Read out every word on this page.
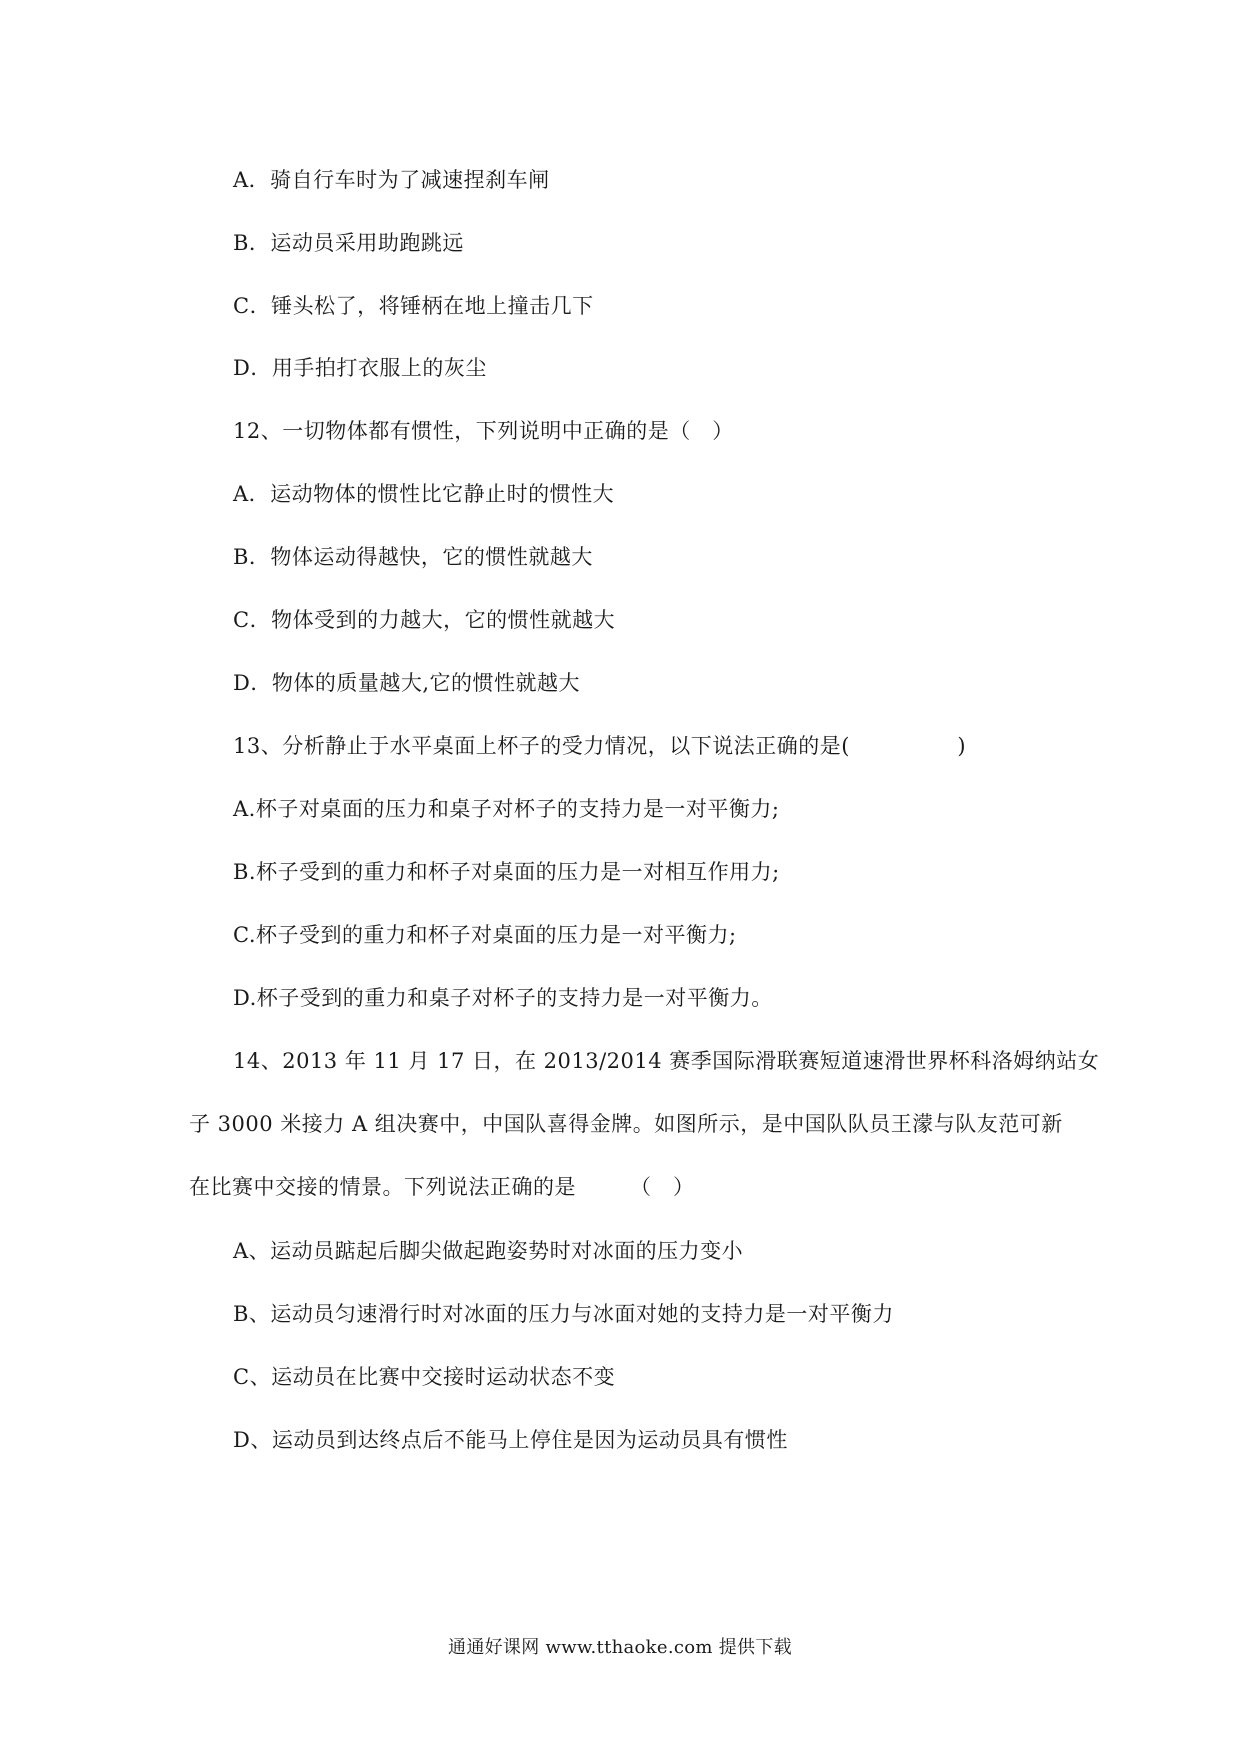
A．骑自行车时为了减速捏刹车闸
B．运动员采用助跑跳远
C．锤头松了，将锤柄在地上撞击几下
D．用手拍打衣服上的灰尘
12、一切物体都有惯性，下列说明中正确的是（　）
A．运动物体的惯性比它静止时的惯性大
B．物体运动得越快，它的惯性就越大
C．物体受到的力越大，它的惯性就越大
D．物体的质量越大,它的惯性就越大
13、分析静止于水平桌面上杯子的受力情况，以下说法正确的是(　　　　　)
A.杯子对桌面的压力和桌子对杯子的支持力是一对平衡力;
B.杯子受到的重力和杯子对桌面的压力是一对相互作用力;
C.杯子受到的重力和杯子对桌面的压力是一对平衡力;
D.杯子受到的重力和桌子对杯子的支持力是一对平衡力。
14、2013 年 11 月 17 日，在 2013/2014 赛季国际滑联赛短道速滑世界杯科洛姆纳站女
子 3000 米接力 A 组决赛中，中国队喜得金牌。如图所示，是中国队队员王濛与队友范可新
在比赛中交接的情景。下列说法正确的是　　　（　）
A、运动员踮起后脚尖做起跑姿势时对冰面的压力变小
B、运动员匀速滑行时对冰面的压力与冰面对她的支持力是一对平衡力
C、运动员在比赛中交接时运动状态不变
D、运动员到达终点后不能马上停住是因为运动员具有惯性
通通好课网 www.tthaoke.com 提供下载
